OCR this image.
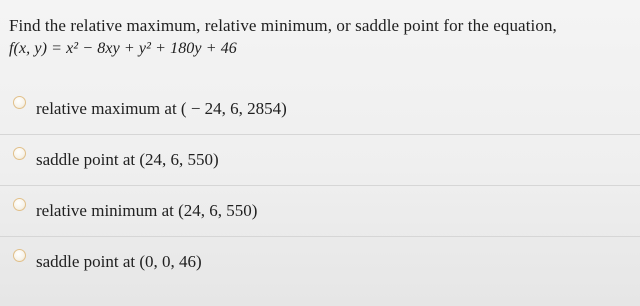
Find the relative maximum, relative minimum, or saddle point for the equation,
f(x, y) = x² − 8xy + y² + 180y + 46
relative maximum at ( − 24, 6, 2854)
saddle point at (24, 6, 550)
relative minimum at (24, 6, 550)
saddle point at (0, 0, 46)
